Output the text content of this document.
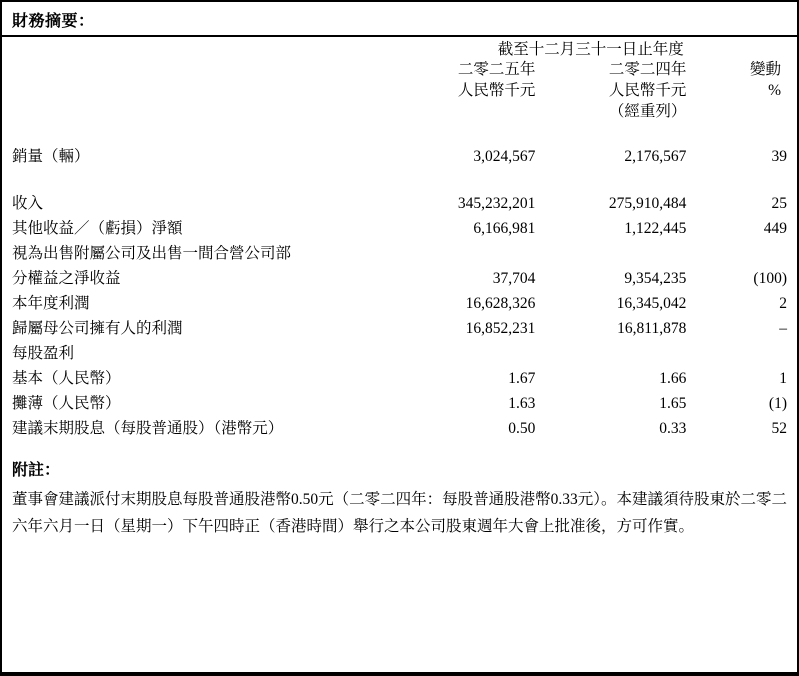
財務摘要：
	截至十二月三十一日止年度		
	二零二五年	二零二四年	變動
	人民幣千元	人民幣千元	%
		（經重列）	

銷量（輛）	3,024,567	2,176,567	39

收入	345,232,201	275,910,484	25
其他收益／（虧損）淨額	6,166,981	1,122,445	449
視為出售附屬公司及出售一間合營公司部			
分權益之淨收益	37,704	9,354,235	(100)
本年度利潤	16,628,326	16,345,042	2
歸屬母公司擁有人的利潤	16,852,231	16,811,878	–
每股盈利			
基本（人民幣）	1.67	1.66	1
攤薄（人民幣）	1.63	1.65	(1)
建議末期股息（每股普通股）（港幣元）	0.50	0.33	52
附註：
董事會建議派付末期股息每股普通股港幣0.50元（二零二四年：每股普通股港幣0.33元）。本建議須待股東於二零二六年六月一日（星期一）下午四時正（香港時間）舉行之本公司股東週年大會上批准後，方可作實。
